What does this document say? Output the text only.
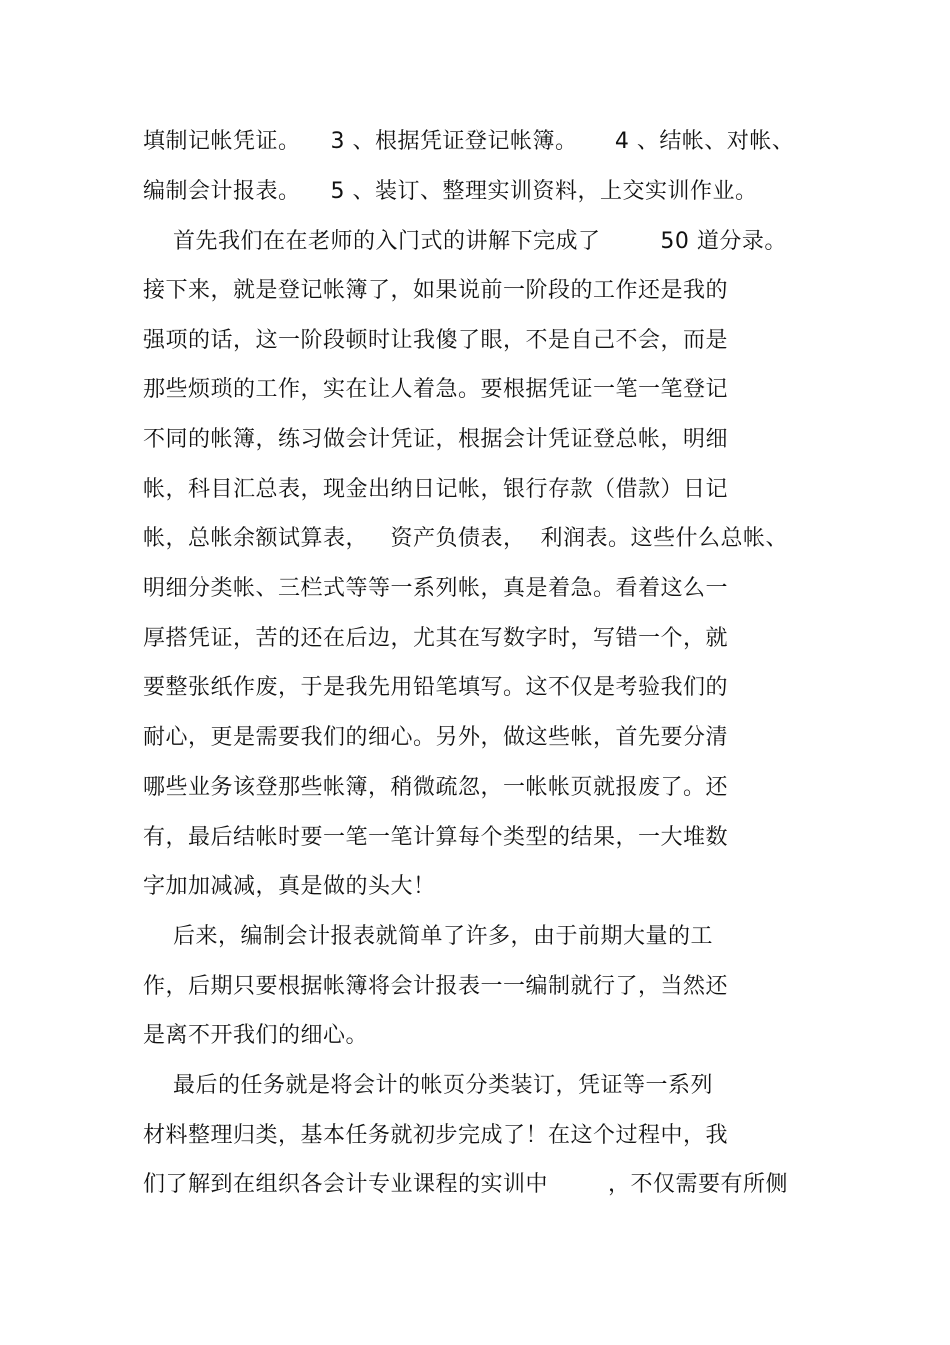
填制记帐凭证。    3 、根据凭证登记帐簿。     4 、结帐、对帐、
编制会计报表。    5 、装订、整理实训资料，上交实训作业。
首先我们在在老师的入门式的讲解下完成了        50 道分录。
接下来，就是登记帐簿了，如果说前一阶段的工作还是我的
强项的话，这一阶段顿时让我傻了眼，不是自己不会，而是
那些烦琐的工作，实在让人着急。要根据凭证一笔一笔登记
不同的帐簿，练习做会计凭证，根据会计凭证登总帐，明细
帐，科目汇总表，现金出纳日记帐，银行存款（借款）日记
帐，总帐余额试算表，   资产负债表，  利润表。这些什么总帐、
明细分类帐、三栏式等等一系列帐，真是着急。看着这么一
厚搭凭证，苦的还在后边，尤其在写数字时，写错一个，就
要整张纸作废，于是我先用铅笔填写。这不仅是考验我们的
耐心，更是需要我们的细心。另外，做这些帐，首先要分清
哪些业务该登那些帐簿，稍微疏忽，一帐帐页就报废了。还
有，最后结帐时要一笔一笔计算每个类型的结果，一大堆数
字加加减减，真是做的头大！
后来，编制会计报表就简单了许多，由于前期大量的工
作，后期只要根据帐簿将会计报表一一编制就行了，当然还
是离不开我们的细心。
最后的任务就是将会计的帐页分类装订，凭证等一系列
材料整理归类，基本任务就初步完成了！在这个过程中，我
们了解到在组织各会计专业课程的实训中        ，不仅需要有所侧
